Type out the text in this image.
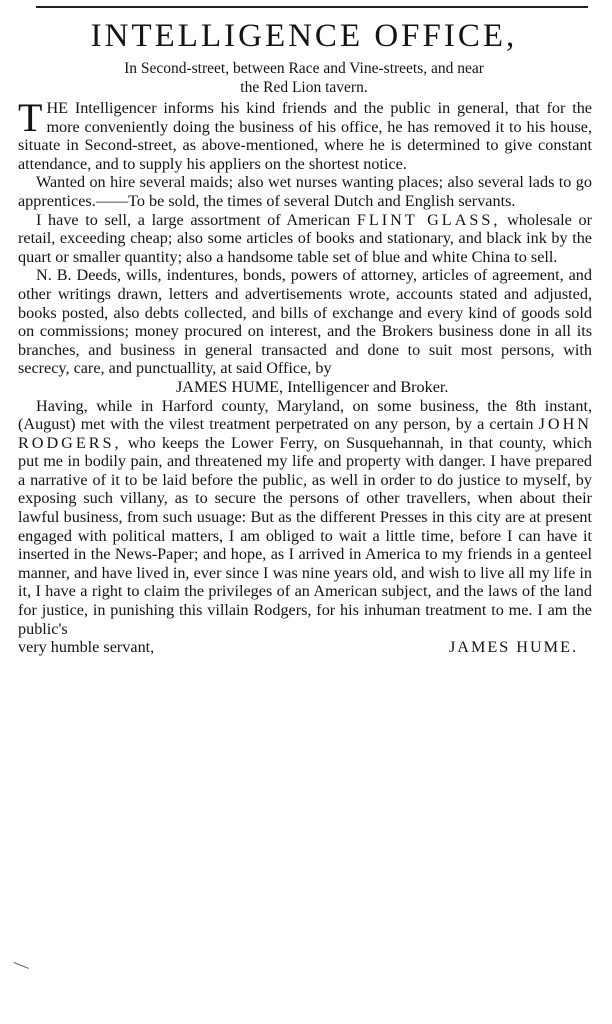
INTELLIGENCE OFFICE,
In Second-street, between Race and Vine-streets, and near
the Red Lion tavern.

THE Intelligencer informs his kind friends and the public in general, that for the more conveniently doing the business of his office, he has removed it to his house, situate in Second-street, as above-mentioned, where he is determined to give constant attendance, and to supply his appliers on the shortest notice.

Wanted on hire several maids; also wet nurses wanting places; also several lads to go apprentices.——To be sold, the times of several Dutch and English servants.

I have to sell, a large assortment of American FLINT GLASS, wholesale or retail, exceeding cheap; also some articles of books and stationary, and black ink by the quart or smaller quantity; also a handsome table set of blue and white China to sell.

N. B. Deeds, wills, indentures, bonds, powers of attorney, articles of agreement, and other writings drawn, letters and advertisements wrote, accounts stated and adjusted, books posted, also debts collected, and bills of exchange and every kind of goods sold on commissions; money procured on interest, and the Brokers business done in all its branches, and business in general transacted and done to suit most persons, with secrecy, care, and punctuallity, at said Office, by

JAMES HUME, Intelligencer and Broker.

Having, while in Harford county, Maryland, on some business, the 8th instant, (August) met with the vilest treatment perpetrated on any person, by a certain JOHN RODGERS, who keeps the Lower Ferry, on Susquehannah, in that county, which put me in bodily pain, and threatened my life and property with danger. I have prepared a narrative of it to be laid before the public, as well in order to do justice to myself, by exposing such villany, as to secure the persons of other travellers, when about their lawful business, from such usuage: But as the different Presses in this city are at present engaged with political matters, I am obliged to wait a little time, before I can have it inserted in the News-Paper; and hope, as I arrived in America to my friends in a genteel manner, and have lived in, ever since I was nine years old, and wish to live all my life in it, I have a right to claim the privileges of an American subject, and the laws of the land for justice, in punishing this villain Rodgers, for his inhuman treatment to me. I am the public's

very humble servant,	JAMES HUME.
